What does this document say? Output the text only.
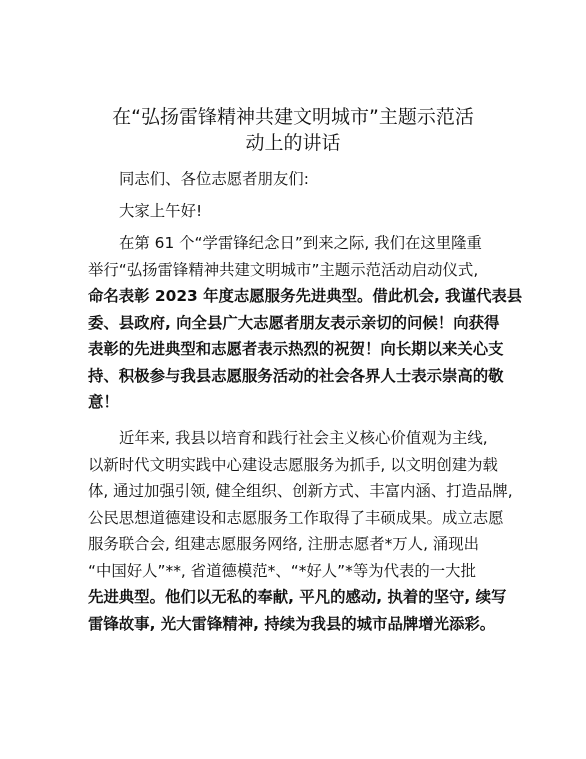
在“弘扬雷锋精神共建文明城市”主题示范活
动上的讲话
同志们、各位志愿者朋友们:
大家上午好!
在第 61 个“学雷锋纪念日”到来之际, 我们在这里隆重
举行“弘扬雷锋精神共建文明城市”主题示范活动启动仪式,
命名表彰 2023 年度志愿服务先进典型。借此机会, 我谨代表县
委、县政府, 向全县广大志愿者朋友表示亲切的问候！向获得
表彰的先进典型和志愿者表示热烈的祝贺！向长期以来关心支
持、积极参与我县志愿服务活动的社会各界人士表示崇高的敬
意！
近年来, 我县以培育和践行社会主义核心价值观为主线,
以新时代文明实践中心建设志愿服务为抓手, 以文明创建为载
体, 通过加强引领, 健全组织、创新方式、丰富内涵、打造品牌,
公民思想道德建设和志愿服务工作取得了丰硕成果。成立志愿
服务联合会, 组建志愿服务网络, 注册志愿者*万人, 涌现出
“中国好人”**, 省道德模范*、“*好人”*等为代表的一大批
先进典型。他们以无私的奉献, 平凡的感动, 执着的坚守, 续写
雷锋故事, 光大雷锋精神, 持续为我县的城市品牌增光添彩。
